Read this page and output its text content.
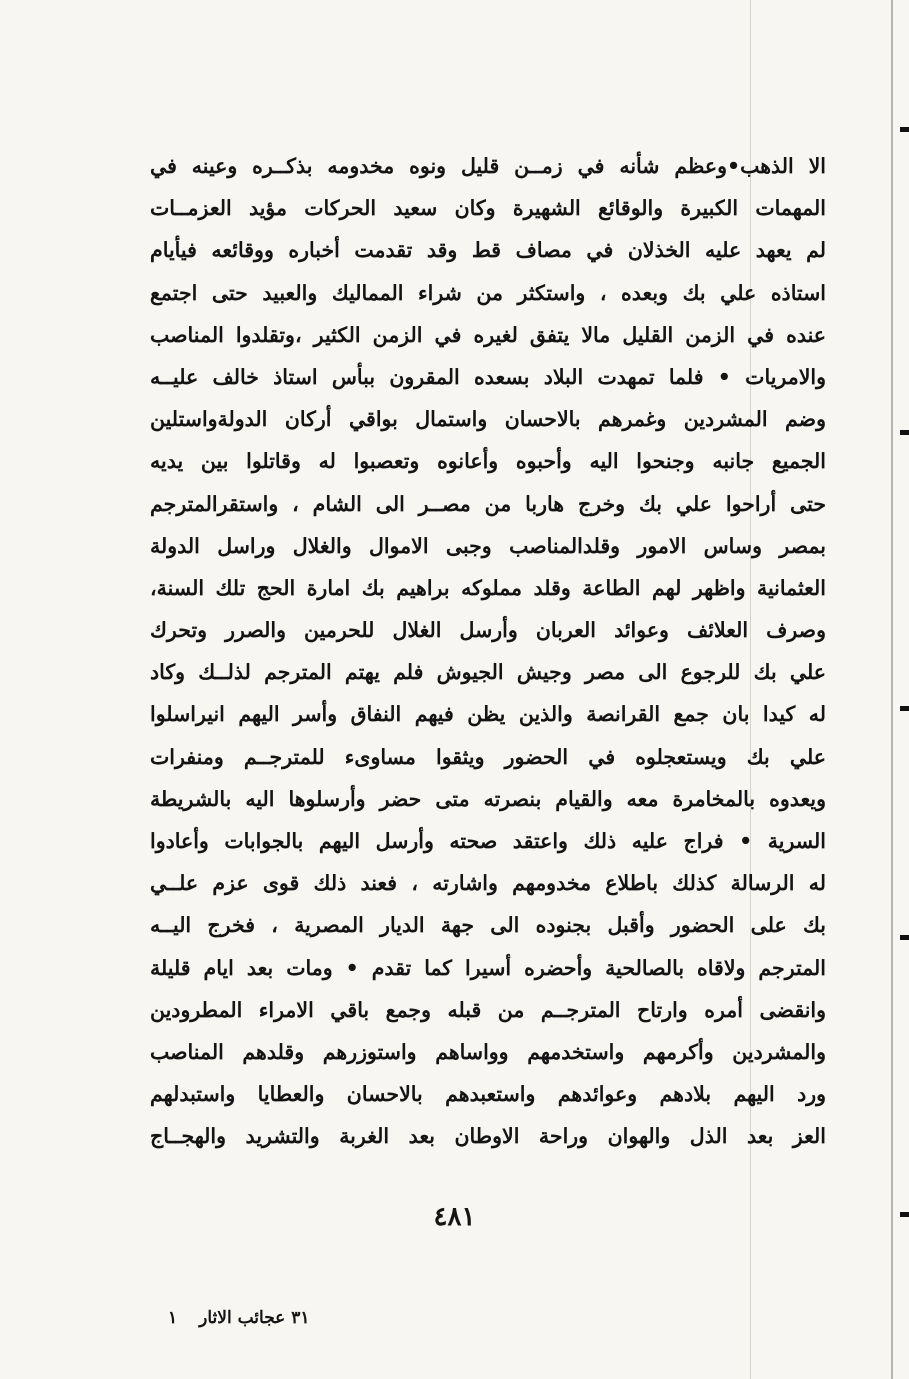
الا الذهب•وعظم شأنه في زمــن قليل ونوه مخدومه بذكــره وعينه في
المهمات الكبيرة والوقائع الشهيرة وكان سعيد الحركات مؤيد العزمــات
لم يعهد عليه الخذلان في مصاف قط وقد تقدمت أخباره ووقائعه فيأيام
استاذه علي بك وبعده ، واستكثر من شراء المماليك والعبيد حتى اجتمع
عنده في الزمن القليل مالا يتفق لغيره في الزمن الكثير ،وتقلدوا المناصب
والامريات • فلما تمهدت البلاد بسعده المقرون ببأس استاذ خالف عليــه
وضم المشردين وغمرهم بالاحسان واستمال بواقي أركان الدولةواستلين
الجميع جانبه وجنحوا اليه وأحبوه وأعانوه وتعصبوا له وقاتلوا بين يديه
حتى أراحوا علي بك وخرج هاربا من مصــر الى الشام ، واستقرالمترجم
بمصر وساس الامور وقلدالمناصب وجبى الاموال والغلال وراسل الدولة
العثمانية واظهر لهم الطاعة وقلد مملوكه براهيم بك امارة الحج تلك السنة،
وصرف العلائف وعوائد العربان وأرسل الغلال للحرمين والصرر وتحرك
علي بك للرجوع الى مصر وجيش الجيوش فلم يهتم المترجم لذلــك وكاد
له كيدا بان جمع القرانصة والذين يظن فيهم النفاق وأسر اليهم انيراسلوا
علي بك ويستعجلوه في الحضور ويثقوا مساوىء للمترجــم ومنفرات
ويعدوه بالمخامرة معه والقيام بنصرته متى حضر وأرسلوها اليه بالشريطة
السرية • فراج عليه ذلك واعتقد صحته وأرسل اليهم بالجوابات وأعادوا
له الرسالة كذلك باطلاع مخدومهم واشارته ، فعند ذلك قوى عزم علــي
بك على الحضور وأقبل بجنوده الى جهة الديار المصرية ، فخرج اليــه
المترجم ولاقاه بالصالحية وأحضره أسيرا كما تقدم • ومات بعد ايام قليلة
وانقضى أمره وارتاح المترجــم من قبله وجمع باقي الامراء المطرودين
والمشردين وأكرمهم واستخدمهم وواساهم واستوزرهم وقلدهم المناصب
ورد اليهم بلادهم وعوائدهم واستعبدهم بالاحسان والعطايا واستبدلهم
العز بعد الذل والهوان وراحة الاوطان بعد الغربة والتشريد والهجــاج
٤٨١
٣١ عجائب الاثار١
